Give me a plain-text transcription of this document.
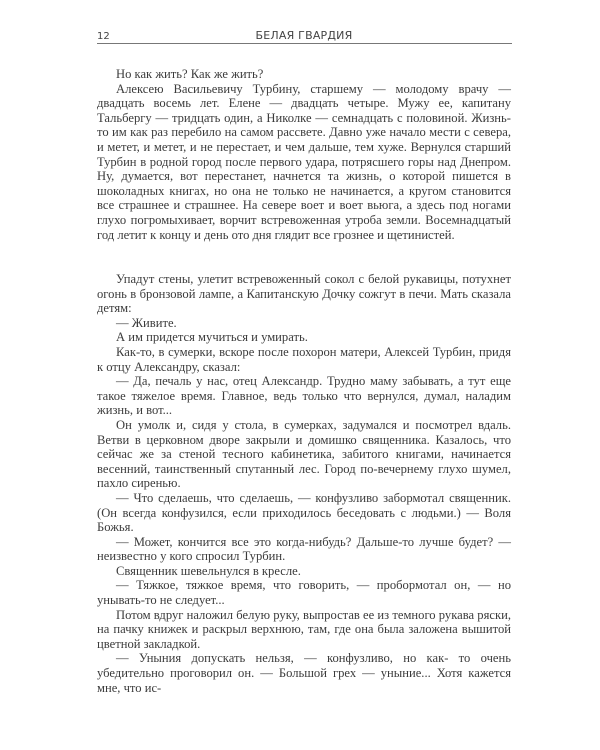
12	БЕЛАЯ ГВАРДИЯ

Но как жить? Как же жить?

Алексею Васильевичу Турбину, старшему — молодому врачу — двадцать восемь лет. Елене — двадцать четыре. Мужу ее, капитану Тальбергу — тридцать один, а Николке — семнадцать с половиной. Жизнь-то им как раз перебило на самом рассвете. Давно уже начало мести с севера, и метет, и метет, и не перестает, и чем дальше, тем хуже. Вернулся старший Турбин в родной город после первого удара, потрясшего горы над Днепром. Ну, думается, вот перестанет, начнется та жизнь, о которой пишется в шоколадных книгах, но она не только не начинается, а кругом становится все страшнее и страшнее. На севере воет и воет вьюга, а здесь под ногами глухо погромыхивает, ворчит встревоженная утроба земли. Восемнадцатый год летит к концу и день ото дня глядит все грознее и щетинистей.

Упадут стены, улетит встревоженный сокол с белой рукавицы, потухнет огонь в бронзовой лампе, а Капитанскую Дочку сожгут в печи. Мать сказала детям:

— Живите.

А им придется мучиться и умирать.

Как-то, в сумерки, вскоре после похорон матери, Алексей Турбин, придя к отцу Александру, сказал:

— Да, печаль у нас, отец Александр. Трудно маму забывать, а тут еще такое тяжелое время. Главное, ведь только что вернулся, думал, наладим жизнь, и вот...

Он умолк и, сидя у стола, в сумерках, задумался и посмотрел вдаль. Ветви в церковном дворе закрыли и домишко священника. Казалось, что сейчас же за стеной тесного кабинетика, забитого книгами, начинается весенний, таинственный спутанный лес. Город по-вечернему глухо шумел, пахло сиренью.

— Что сделаешь, что сделаешь, — конфузливо забормотал священник. (Он всегда конфузился, если приходилось беседовать с людьми.) — Воля Божья.

— Может, кончится все это когда-нибудь? Дальше-то лучше будет? — неизвестно у кого спросил Турбин.

Священник шевельнулся в кресле.

— Тяжкое, тяжкое время, что говорить, — пробормотал он, — но унывать-то не следует...

Потом вдруг наложил белую руку, выпростав ее из темного рукава ряски, на пачку книжек и раскрыл верхнюю, там, где она была заложена вышитой цветной закладкой.

— Уныния допускать нельзя, — конфузливо, но как- то очень убедительно проговорил он. — Большой грех — уныние... Хотя кажется мне, что ис-
